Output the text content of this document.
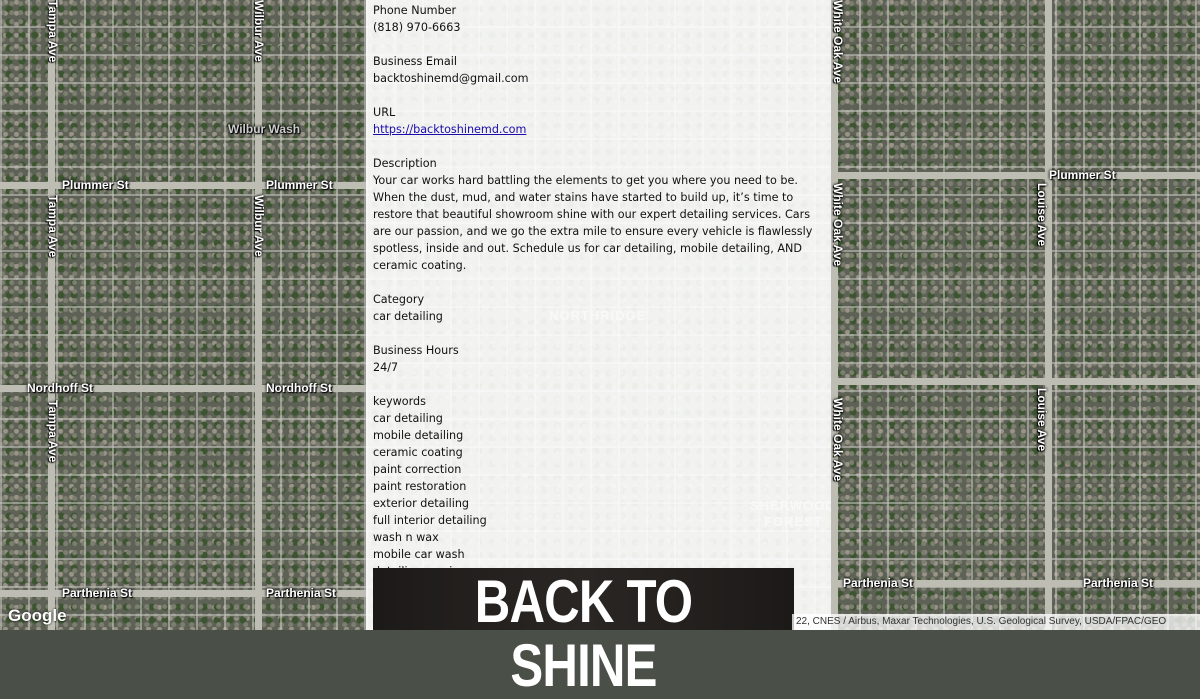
Tampa Ave
Tampa Ave
Tampa Ave
Wilbur Ave
Wilbur Ave
Wilbur Wash
Plummer St	Plummer St
Nordhoff St	Nordhoff St
Parthenia St	Parthenia St
White Oak Ave
White Oak Ave
White Oak Ave
Louise Ave
Louise Ave
Plummer St
Parthenia St	Parthenia St
Phone Number
(818) 970-6663
Business Email
backtoshinemd@gmail.com
URL
https://backtoshinemd.com
Description
Your car works hard battling the elements to get you where you need to be. When the dust, mud, and water stains have started to build up, it’s time to restore that beautiful showroom shine with our expert detailing services. Cars are our passion, and we go the extra mile to ensure every vehicle is flawlessly spotless, inside and out. Schedule us for car detailing, mobile detailing, AND ceramic coating.
Category
car detailing
Business Hours
24/7
keywords
car detailing
mobile detailing
ceramic coating
paint correction
paint restoration
exterior detailing
full interior detailing
wash n wax
mobile car wash
BACK TO SHINE
Google	22, CNES / Airbus, Maxar Technologies, U.S. Geological Survey, USDA/FPAC/GEO
